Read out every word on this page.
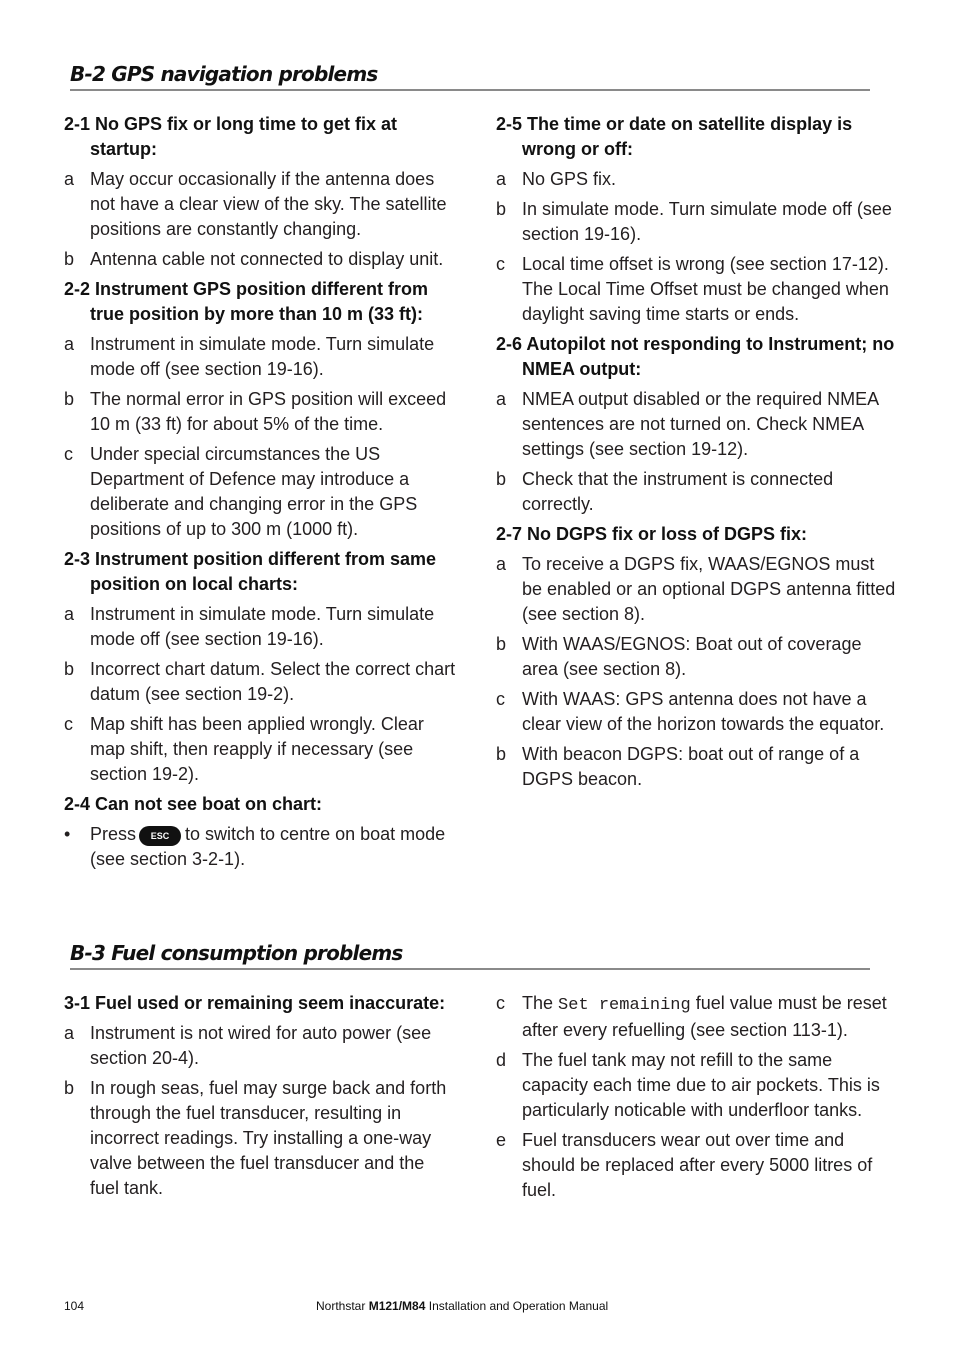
B-2 GPS navigation problems

2-1 No GPS fix or long time to get fix at startup:

a May occur occasionally if the antenna does not have a clear view of the sky. The satellite positions are constantly changing.
b Antenna cable not connected to display unit.

2-2 Instrument GPS position different from true position by more than 10 m (33 ft):

a Instrument in simulate mode. Turn simulate mode off (see section 19-16).
b The normal error in GPS position will exceed 10 m (33 ft) for about 5% of the time.
c Under special circumstances the US Department of Defence may introduce a deliberate and changing error in the GPS positions of up to 300 m (1000 ft).

2-3 Instrument position different from same position on local charts:

a Instrument in simulate mode. Turn simulate mode off (see section 19-16).
b Incorrect chart datum. Select the correct chart datum (see section 19-2).
c Map shift has been applied wrongly. Clear map shift, then reapply if necessary (see section 19-2).

2-4 Can not see boat on chart:

•	Press ESC to switch to centre on boat mode (see section 3-2-1).

2-5 The time or date on satellite display is wrong or off:

a No GPS fix.
b In simulate mode. Turn simulate mode off (see section 19-16).
c Local time offset is wrong (see section 17-12). The Local Time Offset must be changed when daylight saving time starts or ends.

2-6 Autopilot not responding to Instrument; no NMEA output:

a NMEA output disabled or the required NMEA sentences are not turned on. Check NMEA settings (see section 19-12).
b Check that the instrument is connected correctly.

2-7 No DGPS fix or loss of DGPS fix:

a To receive a DGPS fix, WAAS/EGNOS must be enabled or an optional DGPS antenna fitted (see section 8).
b With WAAS/EGNOS: Boat out of coverage area (see section 8).
c With WAAS: GPS antenna does not have a clear view of the horizon towards the equator.
b With beacon DGPS: boat out of range of a DGPS beacon.
B-3 Fuel consumption problems

3-1 Fuel used or remaining seem inaccurate:

a Instrument is not wired for auto power (see section 20-4).
b In rough seas, fuel may surge back and forth through the fuel transducer, resulting in incorrect readings. Try installing a one-way valve between the fuel transducer and the fuel tank.
c The Set remaining fuel value must be reset after every refuelling (see section 113-1).
d The fuel tank may not refill to the same capacity each time due to air pockets. This is particularly noticable with underfloor tanks.
e Fuel transducers wear out over time and should be replaced after every 5000 litres of fuel.
104	Northstar M121/M84 Installation and Operation Manual
